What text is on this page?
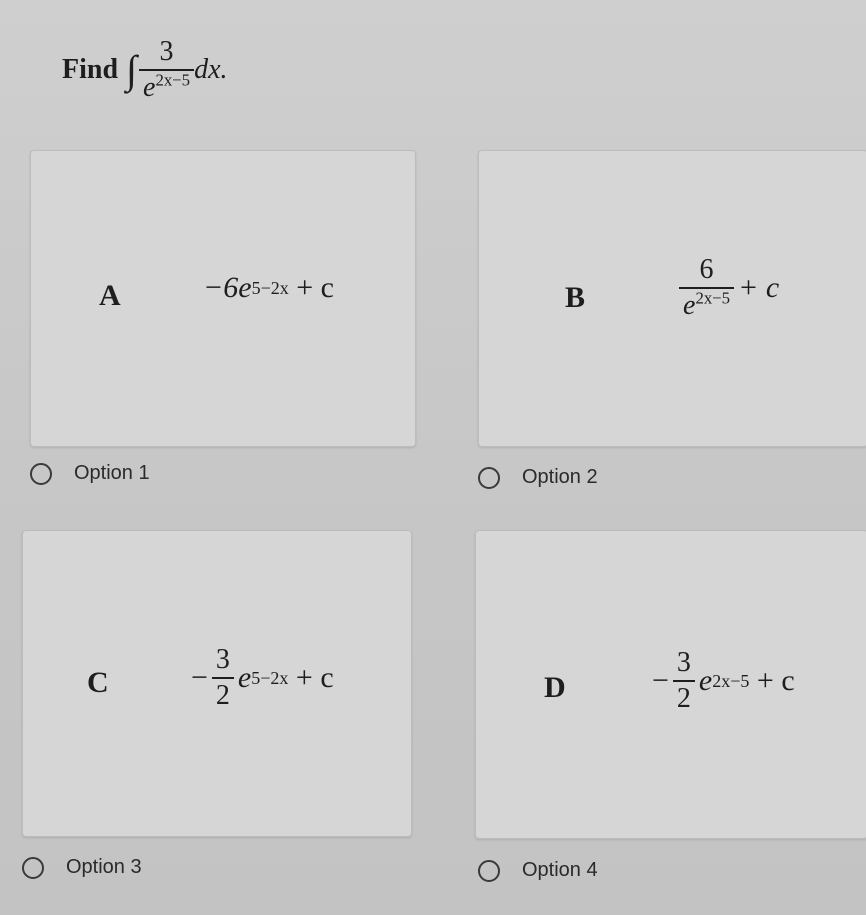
Find ∫ $\frac{3}{e^{2x-5}}$ dx.
A	−6 e 5−2x
+ c	B	$\frac{6}{e^{2x-5}} + c$
C	− $\frac{3}{2}$ e 5−2x
+ c	D	− $\frac{3}{2}$ e 2x−5
+ c
Option 1	Option 2
Option 3	Option 4
